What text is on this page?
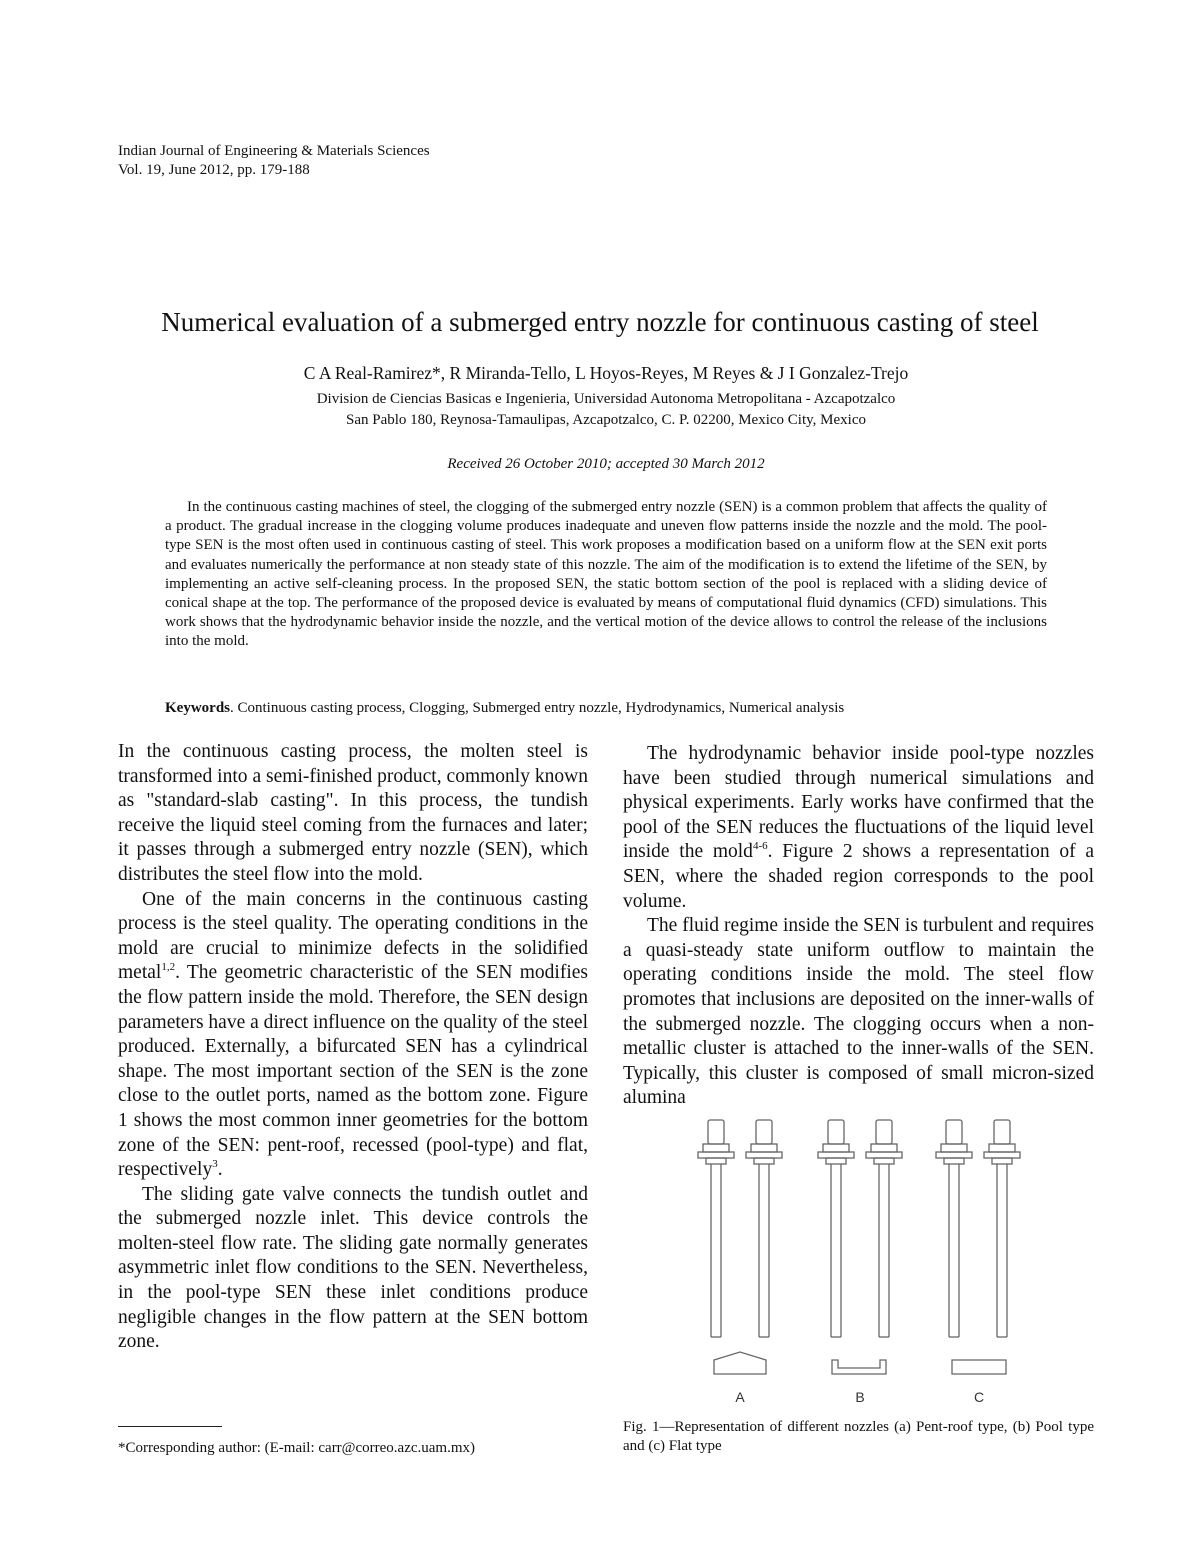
Indian Journal of Engineering & Materials Sciences
Vol. 19, June 2012, pp. 179-188
Numerical evaluation of a submerged entry nozzle for continuous casting of steel
C A Real-Ramirez*, R Miranda-Tello, L Hoyos-Reyes, M Reyes & J I Gonzalez-Trejo
Division de Ciencias Basicas e Ingenieria, Universidad Autonoma Metropolitana - Azcapotzalco
San Pablo 180, Reynosa-Tamaulipas, Azcapotzalco, C. P. 02200, Mexico City, Mexico
Received 26 October 2010; accepted 30 March 2012
In the continuous casting machines of steel, the clogging of the submerged entry nozzle (SEN) is a common problem that affects the quality of a product. The gradual increase in the clogging volume produces inadequate and uneven flow patterns inside the nozzle and the mold. The pool-type SEN is the most often used in continuous casting of steel. This work proposes a modification based on a uniform flow at the SEN exit ports and evaluates numerically the performance at non steady state of this nozzle. The aim of the modification is to extend the lifetime of the SEN, by implementing an active self-cleaning process. In the proposed SEN, the static bottom section of the pool is replaced with a sliding device of conical shape at the top. The performance of the proposed device is evaluated by means of computational fluid dynamics (CFD) simulations. This work shows that the hydrodynamic behavior inside the nozzle, and the vertical motion of the device allows to control the release of the inclusions into the mold.
Keywords. Continuous casting process, Clogging, Submerged entry nozzle, Hydrodynamics, Numerical analysis

In the continuous casting process, the molten steel is transformed into a semi-finished product, commonly known as "standard-slab casting". In this process, the tundish receive the liquid steel coming from the furnaces and later; it passes through a submerged entry nozzle (SEN), which distributes the steel flow into the mold.

One of the main concerns in the continuous casting process is the steel quality. The operating conditions in the mold are crucial to minimize defects in the solidified metal$^{1,2}$. The geometric characteristic of the SEN modifies the flow pattern inside the mold. Therefore, the SEN design parameters have a direct influence on the quality of the steel produced. Externally, a bifurcated SEN has a cylindrical shape. The most important section of the SEN is the zone close to the outlet ports, named as the bottom zone. Figure 1 shows the most common inner geometries for the bottom zone of the SEN: pent-roof, recessed (pool-type) and flat, respectively$^3$.

The sliding gate valve connects the tundish outlet and the submerged nozzle inlet. This device controls the molten-steel flow rate. The sliding gate normally generates asymmetric inlet flow conditions to the SEN. Nevertheless, in the pool-type SEN these inlet conditions produce negligible changes in the flow pattern at the SEN bottom zone.

The hydrodynamic behavior inside pool-type nozzles have been studied through numerical simulations and physical experiments. Early works have confirmed that the pool of the SEN reduces the fluctuations of the liquid level inside the mold$^{4-6}$. Figure 2 shows a representation of a SEN, where the shaded region corresponds to the pool volume.

The fluid regime inside the SEN is turbulent and requires a quasi-steady state uniform outflow to maintain the operating conditions inside the mold. The steel flow promotes that inclusions are deposited on the inner-walls of the submerged nozzle. The clogging occurs when a non-metallic cluster is attached to the inner-walls of the SEN. Typically, this cluster is composed of small micron-sized alumina

A	B	C
Fig. 1—Representation of different nozzles (a) Pent-roof type, (b) Pool type and (c) Flat type
*Corresponding author: (E-mail: carr@correo.azc.uam.mx)
